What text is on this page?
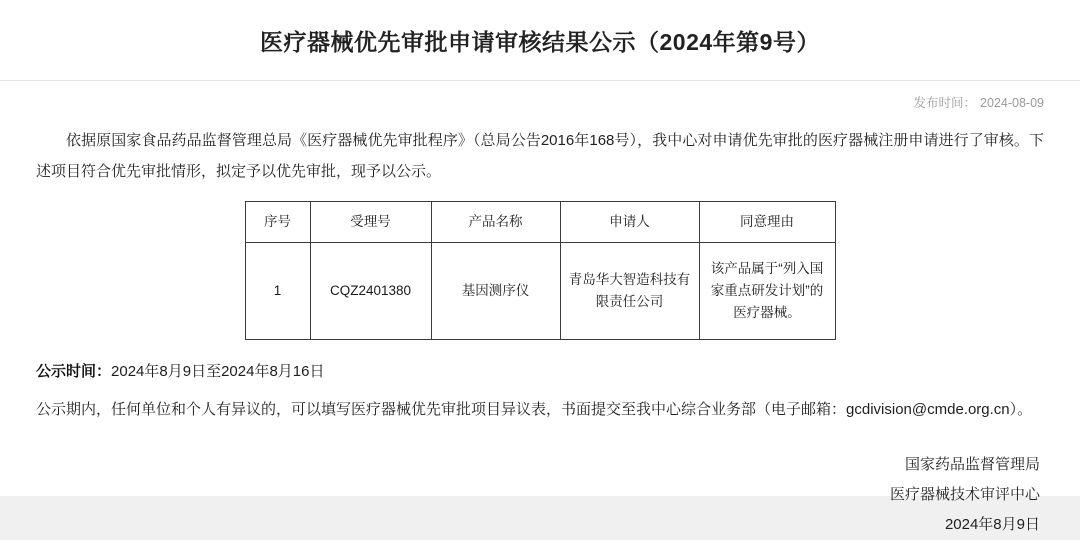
医疗器械优先审批申请审核结果公示（2024年第9号）
发布时间： 2024-08-09
依据原国家食品药品监督管理总局《医疗器械优先审批程序》（总局公告2016年168号），我中心对申请优先审批的医疗器械注册申请进行了审核。下述项目符合优先审批情形，拟定予以优先审批，现予以公示。
序号	受理号	产品名称	申请人	同意理由
1	CQZ2401380	基因测序仪	青岛华大智造科技有限责任公司	该产品属于“列入国家重点研发计划”的医疗器械。
公示时间：2024年8月9日至2024年8月16日
公示期内，任何单位和个人有异议的，可以填写医疗器械优先审批项目异议表，书面提交至我中心综合业务部（电子邮箱：gcdivision@cmde.org.cn）。
国家药品监督管理局
医疗器械技术审评中心
2024年8月9日
